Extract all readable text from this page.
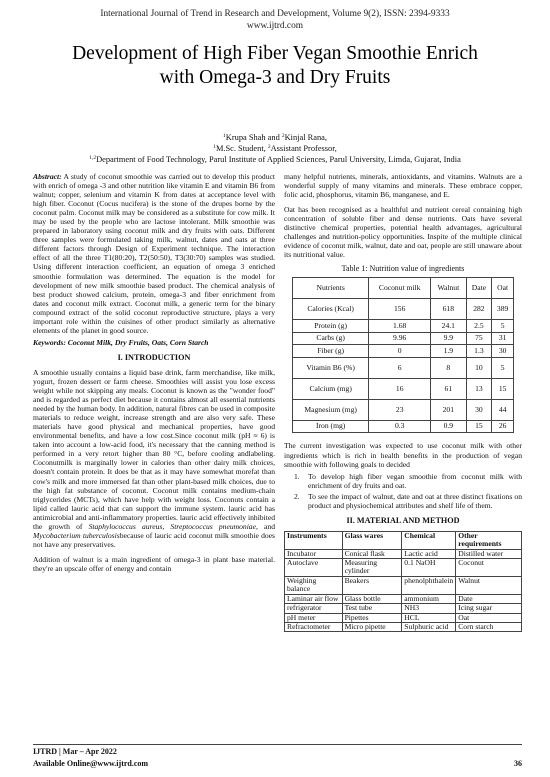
International Journal of Trend in Research and Development, Volume 9(2), ISSN: 2394-9333
www.ijtrd.com
Development of High Fiber Vegan Smoothie Enrich
with Omega-3 and Dry Fruits
$^1$Krupa Shah and $^2$Kinjal Rana,
$^1$M.Sc. Student, $^2$Assistant Professor,
$^{1,2}$Department of Food Technology, Parul Institute of Applied Sciences, Parul University, Limda, Gujarat, India

Abstract: A study of coconut smoothie was carried out to develop this product with enrich of omega -3 and other nutrition like vitamin E and vitamin B6 from walnut; copper, selenium and vitamin K from dates at acceptance level with high fiber. Coconut (Cocus nucifera) is the stone of the drupes borne by the coconut palm. Coconut milk may be considered as a substitute for cow milk. It may be used by the people who are lactose intolerant. Milk smoothie was prepared in laboratory using coconut milk and dry fruits with oats. Different three samples were formulated taking milk, walnut, dates and oats at three different factors through Design of Experiment technique. The interaction effect of all the three T1(80:20), T2(50:50), T3(30:70) samples was studied. Using different interaction coefficient, an equation of omega 3 enriched smoothie formulation was determined. The equation is the model for development of new milk smoothie based product. The chemical analysis of best product showed calcium, protein, omega-3 and fiber enrichment from dates and coconut milk extract. Coconut milk, a generic term for the binary compound extract of the solid coconut reproductive structure, plays a very important role within the cuisines of other product similarly as alternative elements of the planet in good source.

Keywords: Coconut Milk, Dry Fruits, Oats, Corn Starch

I. INTRODUCTION

A smoothie usually contains a liquid base drink, farm merchandise, like milk, yogurt, frozen dessert or farm cheese. Smoothies will assist you lose excess weight while not skipping any meals. Coconut is known as the "wonder food" and is regarded as perfect diet because it contains almost all essential nutrients needed by the human body. In addition, natural fibres can be used in composite materials to reduce weight, increase strength and are also very safe. These materials have good physical and mechanical properties, have good environmental benefits, and have a low cost.Since coconut milk (pH ≈ 6) is taken into account a low-acid food, it's necessary that the canning method is performed in a very retort higher than 80 °C, before cooling andlabeling. Coconutmilk is marginally lower in calories than other dairy milk choices, doesn't contain protein. It does be that as it may have somewhat morefat than cow's milk and more immersed fat than other plant-based milk choices, due to the high fat substance of coconut. Coconut milk contains medium-chain triglycerides (MCTs), which have help with weight loss. Coconuts contain a lipid called lauric acid that can support the immune system. lauric acid has antimicrobial and anti-inflammatory properties. lauric acid effectively inhibited the growth of Staphylococcus aureus, Streptococcus pneumoniae, and Mycobacterium tuberculosisbecause of lauric acid coconut milk smoothie does not have any preservatives.

Addition of walnut is a main ingredient of omega-3 in plant base material. they're an upscale offer of energy and contain

many helpful nutrients, minerals, antioxidants, and vitamins. Walnuts are a wonderful supply of many vitamins and minerals. These embrace copper, folic acid, phosphorus, vitamin B6, manganese, and E.

Oat has been recognised as a healthful and nutrient cereal containing high concentration of soluble fiber and dense nutrients. Oats have several distinctive chemical properties, potential health advantages, agricultural challenges and nutrition-policy opportunities. Inspite of the multiple clinical evidence of coconut milk, walnut, date and oat, people are still unaware about its nutritional value.

Table 1: Nutrition value of ingredients
Nutrients	Coconut milk	Walnut	Date	Oat
Calories (Kcal)	156	618	282	389
Protein (g)	1.68	24.1	2.5	5
Carbs (g)	9.96	9.9	75	31
Fiber (g)	0	1.9	1.3	30
Vitamin B6 (%)	6	8	10	5
Calcium (mg)	16	61	13	15
Magnesium (mg)	23	201	30	44
Iron (mg)	0.3	0.9	15	26

The current investigation was expected to use coconut milk with other ingredients which is rich in health benefits in the production of vegan smoothie with following goals to decided

1. To develop high fiber vegan smoothie from coconut milk with enrichment of dry fruits and oat.
2. To see the impact of walnut, date and oat at three distinct fixations on product and physiochemical attributes and shelf life of them.
II. MATERIAL AND METHOD
Instruments	Glass wares	Chemical	Other requirements
Incubator	Conical flask	Lactic acid	Distilled water
Autoclave	Measuring cylinder	0.1 NaOH	Coconut
Weighing balance	Beakers	phenolphthalein	Walnut
Laminar air flow	Glass bottle	ammonium	Date
refrigerator	Test tube	NH3	Icing sugar
pH meter	Pipettes	HCL	Oat
Refractometer	Micro pipette	Sulphuric acid	Corn starch
IJTRD | Mar – Apr 2022
Available Online@www.ijtrd.com	36
